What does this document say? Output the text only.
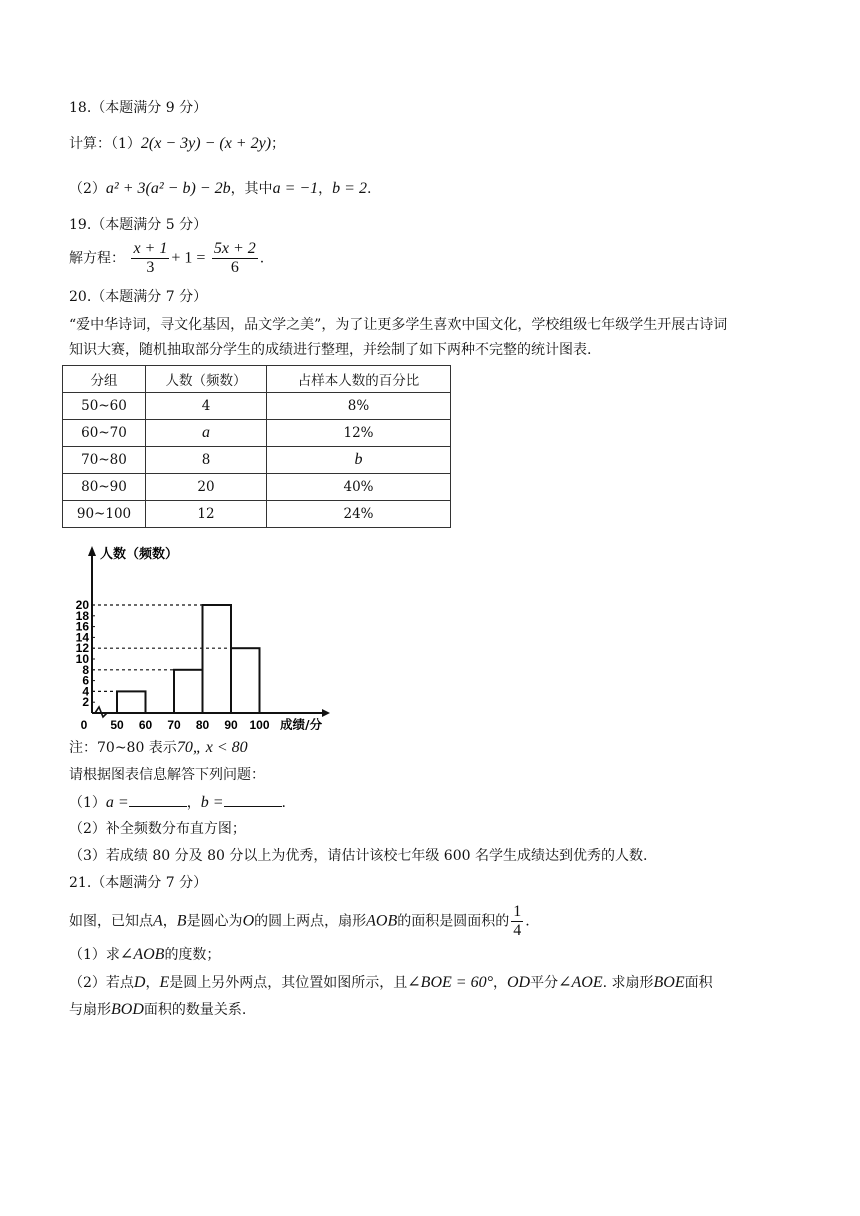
18.（本题满分 9 分）
计算：（1）2(x − 3y) − (x + 2y)；
（2）a² + 3(a² − b) − 2b，其中a = −1，b = 2.
19.（本题满分 5 分）
解方程： $\frac{x + 1}{3} + 1 = \frac{5x + 2}{6}$ .
20.（本题满分 7 分）
“爱中华诗词，寻文化基因，品文学之美”，为了让更多学生喜欢中国文化，学校组级七年级学生开展古诗词
知识大赛，随机抽取部分学生的成绩进行整理，并绘制了如下两种不完整的统计图表.
分组	人数（频数）	占样本人数的百分比
50~60	4	8%
60~70	a	12%
70~80	8	b
80~90	20	40%
90~100	12	24%
2
4
6
8
10
12
14
16
18
20
0 50 60 70 80 90 100
人数（频数）
成绩/分
注：70~80 表示70„ x < 80
请根据图表信息解答下列问题：
（1）a =	，b =	.
（2）补全频数分布直方图；
（3）若成绩 80 分及 80 分以上为优秀，请估计该校七年级 600 名学生成绩达到优秀的人数.
21.（本题满分 7 分）
如图，已知点A，B是圆心为O的圆上两点，扇形AOB的面积是圆面积的 $\frac{1}{4}$ .
（1）求∠AOB的度数；
（2）若点D，E是圆上另外两点，其位置如图所示，且∠BOE = 60°，OD平分∠AOE. 求扇形BOE面积
与扇形BOD面积的数量关系.
